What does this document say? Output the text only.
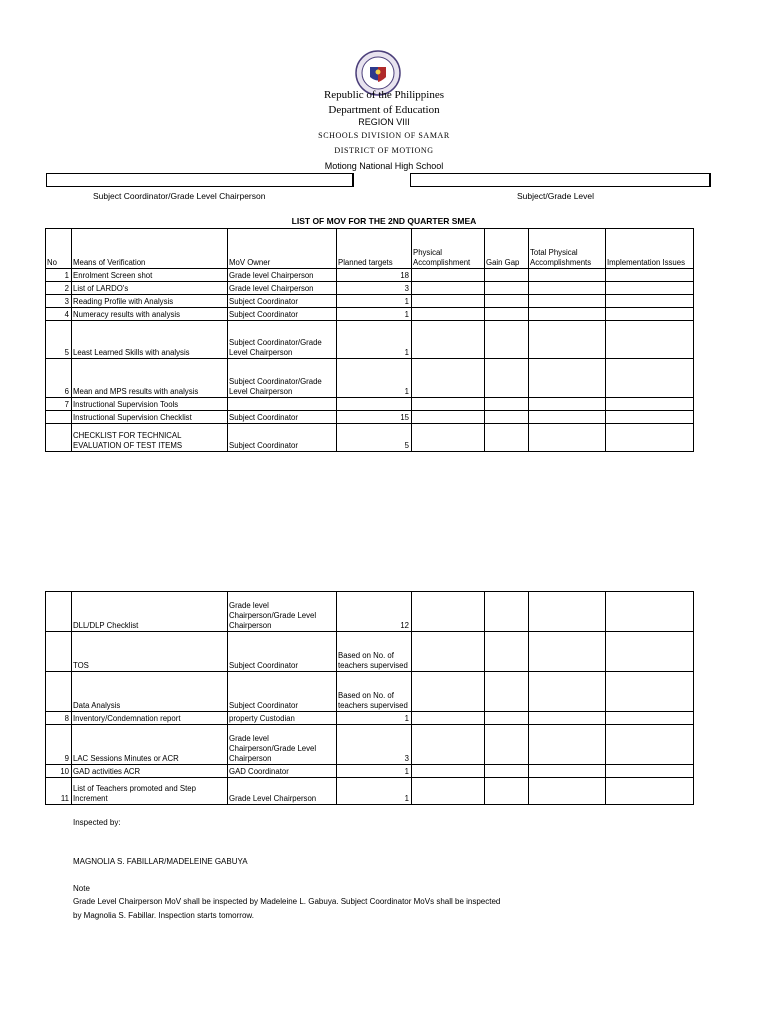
Republic of the Philippines
Department of Education
REGION VIII
SCHOOLS DIVISION OF SAMAR
DISTRICT OF MOTIONG
Motiong National High School
Subject Coordinator/Grade Level Chairperson	Subject/Grade Level
LIST OF MOV FOR THE 2ND QUARTER SMEA
No	Means of Verification	MoV Owner	Planned targets	Physical Accomplishment	Gain Gap	Total Physical Accomplishments	Implementation Issues
1	Enrolment Screen shot	Grade level Chairperson	18				
2	List of LARDO's	Grade level Chairperson	3				
3	Reading Profile with Analysis	Subject Coordinator	1				
4	Numeracy results with analysis	Subject Coordinator	1				
5	Least Learned Skills with analysis	Subject Coordinator/Grade Level Chairperson	1				
6	Mean and MPS results with analysis	Subject Coordinator/Grade Level Chairperson	1				
7	Instructional Supervision Tools						
	Instructional Supervision Checklist	Subject Coordinator	15				
	CHECKLIST FOR TECHNICAL EVALUATION OF TEST ITEMS	Subject Coordinator	5				
	DLL/DLP Checklist	Grade level Chairperson/Grade Level Chairperson	12				
	TOS	Subject Coordinator	Based on No. of teachers supervised				
	Data Analysis	Subject Coordinator	Based on No. of teachers supervised				
8	Inventory/Condemnation report	property Custodian	1				
9	LAC Sessions Minutes or ACR	Grade level Chairperson/Grade Level Chairperson	3				
10	GAD activities ACR	GAD Coordinator	1				
11	List of Teachers promoted and Step Increment	Grade Level Chairperson	1				
Inspected by:
MAGNOLIA S. FABILLAR/MADELEINE GABUYA
Note
Grade Level Chairperson MoV shall be inspected by Madeleine L. Gabuya. Subject Coordinator MoVs shall be inspected
by Magnolia S. Fabillar. Inspection starts tomorrow.
